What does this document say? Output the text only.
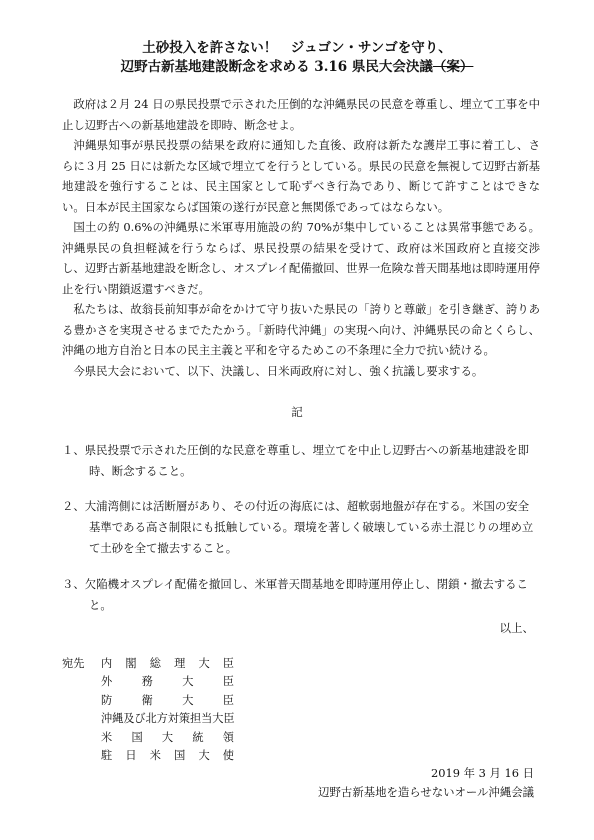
土砂投入を許さない！　ジュゴン・サンゴを守り、
辺野古新基地建設断念を求める 3.16 県民大会決議（案）

政府は２月 24 日の県民投票で示された圧倒的な沖縄県民の民意を尊重し、埋立て工事を中止し辺野古への新基地建設を即時、断念せよ。

沖縄県知事が県民投票の結果を政府に通知した直後、政府は新たな護岸工事に着工し、さらに３月 25 日には新たな区域で埋立てを行うとしている。県民の民意を無視して辺野古新基地建設を強行することは、民主国家として恥ずべき行為であり、断じて許すことはできない。日本が民主国家ならば国策の遂行が民意と無関係であってはならない。

国土の約 0.6%の沖縄県に米軍専用施設の約 70%が集中していることは異常事態である。沖縄県民の負担軽減を行うならば、県民投票の結果を受けて、政府は米国政府と直接交渉し、辺野古新基地建設を断念し、オスプレイ配備撤回、世界一危険な普天間基地は即時運用停止を行い閉鎖返還すべきだ。

私たちは、故翁長前知事が命をかけて守り抜いた県民の「誇りと尊厳」を引き継ぎ、誇りある豊かさを実現させるまでたたかう。「新時代沖縄」の実現へ向け、沖縄県民の命とくらし、沖縄の地方自治と日本の民主主義と平和を守るためこの不条理に全力で抗い続ける。

今県民大会において、以下、決議し、日米両政府に対し、強く抗議し要求する。

記
１、県民投票で示された圧倒的な民意を尊重し、埋立てを中止し辺野古への新基地建設を即時、断念すること。
２、大浦湾側には活断層があり、その付近の海底には、超軟弱地盤が存在する。米国の安全基準である高さ制限にも抵触している。環境を著しく破壊している赤土混じりの埋め立て土砂を全て撤去すること。
３、欠陥機オスプレイ配備を撤回し、米軍普天間基地を即時運用停止し、閉鎖・撤去すること。
以上、
宛先 内閣総理大臣
外務大臣
防衛大臣
沖縄及び北方対策担当大臣
米国大統領
駐日米国大使
2019 年 3 月 16 日
辺野古新基地を造らせないオール沖縄会議
